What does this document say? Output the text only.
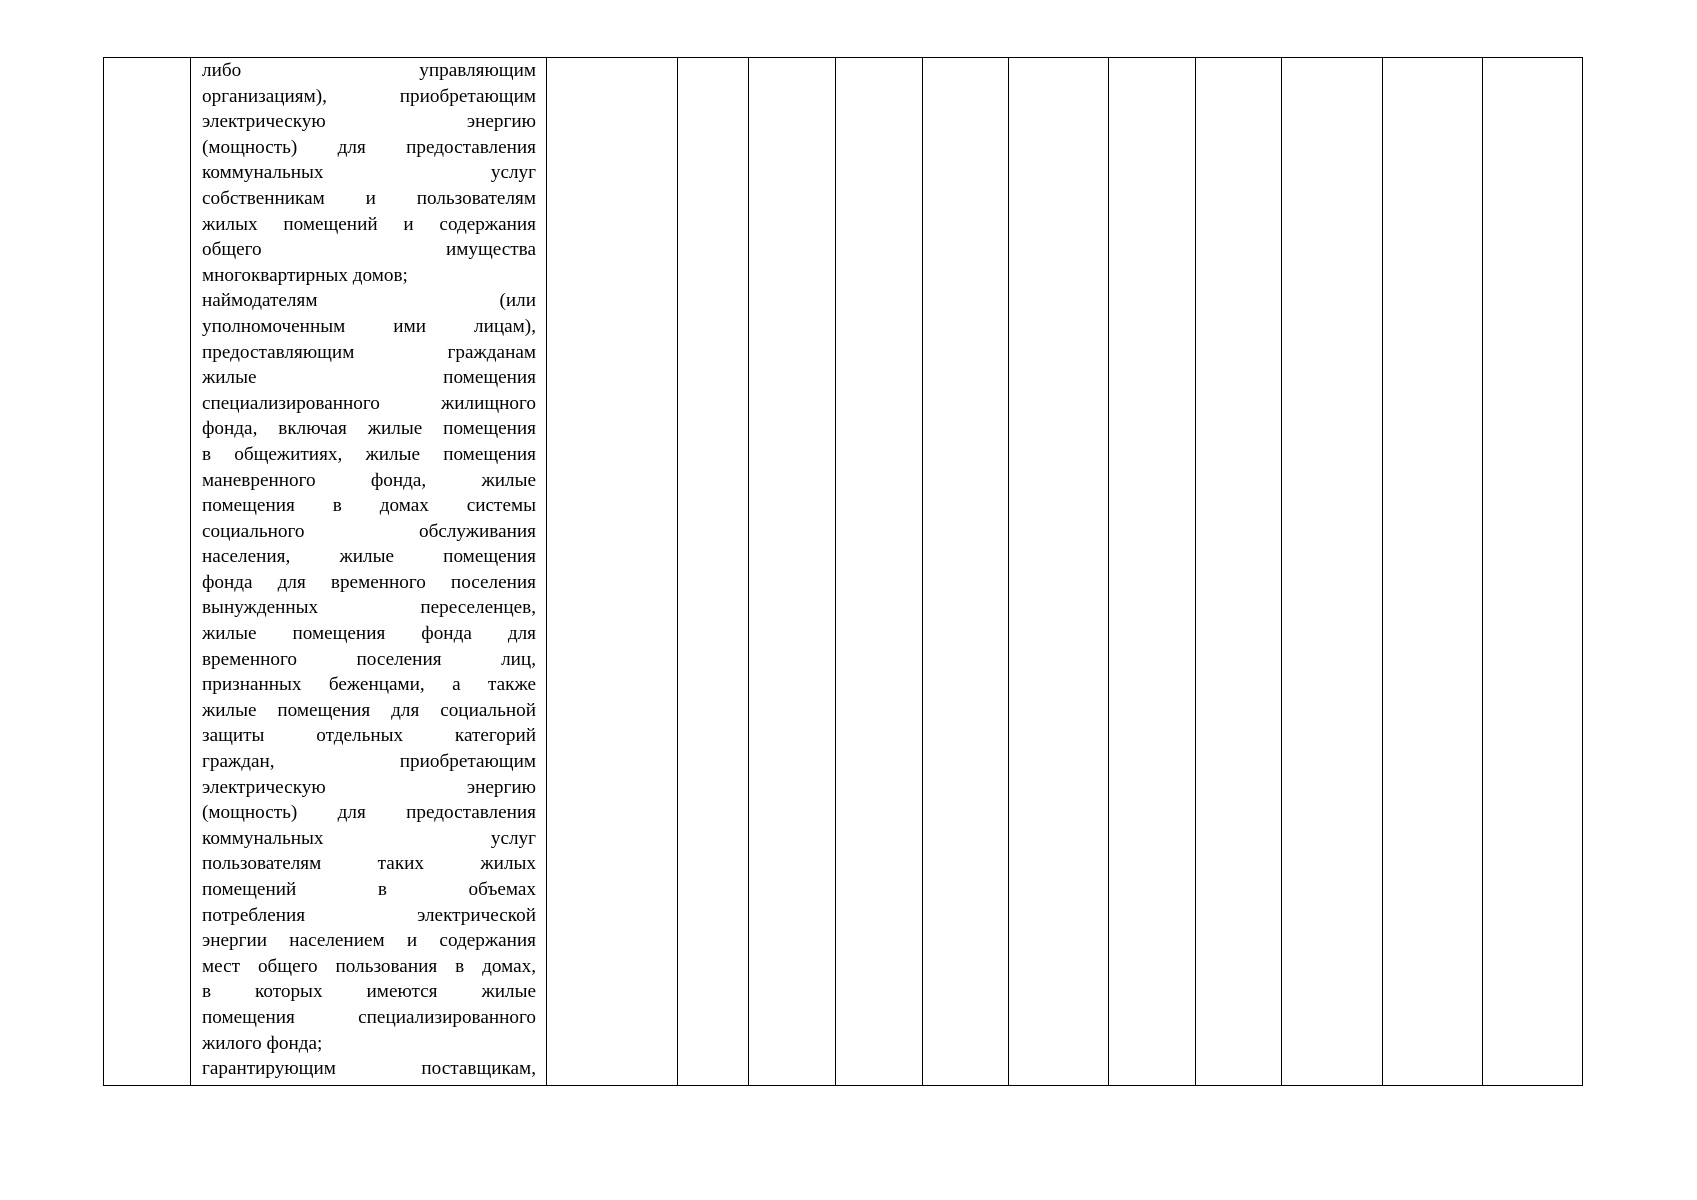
либо управляющим
организациям), приобретающим
электрическую энергию
(мощность) для предоставления
коммунальных услуг
собственникам и пользователям
жилых помещений и содержания
общего имущества
многоквартирных домов;
наймодателям (или
уполномоченным ими лицам),
предоставляющим гражданам
жилые помещения
специализированного жилищного
фонда, включая жилые помещения
в общежитиях, жилые помещения
маневренного фонда, жилые
помещения в домах системы
социального обслуживания
населения, жилые помещения
фонда для временного поселения
вынужденных переселенцев,
жилые помещения фонда для
временного поселения лиц,
признанных беженцами, а также
жилые помещения для социальной
защиты отдельных категорий
граждан, приобретающим
электрическую энергию
(мощность) для предоставления
коммунальных услуг
пользователям таких жилых
помещений в объемах
потребления электрической
энергии населением и содержания
мест общего пользования в домах,
в которых имеются жилые
помещения специализированного
жилого фонда;
гарантирующим поставщикам,
